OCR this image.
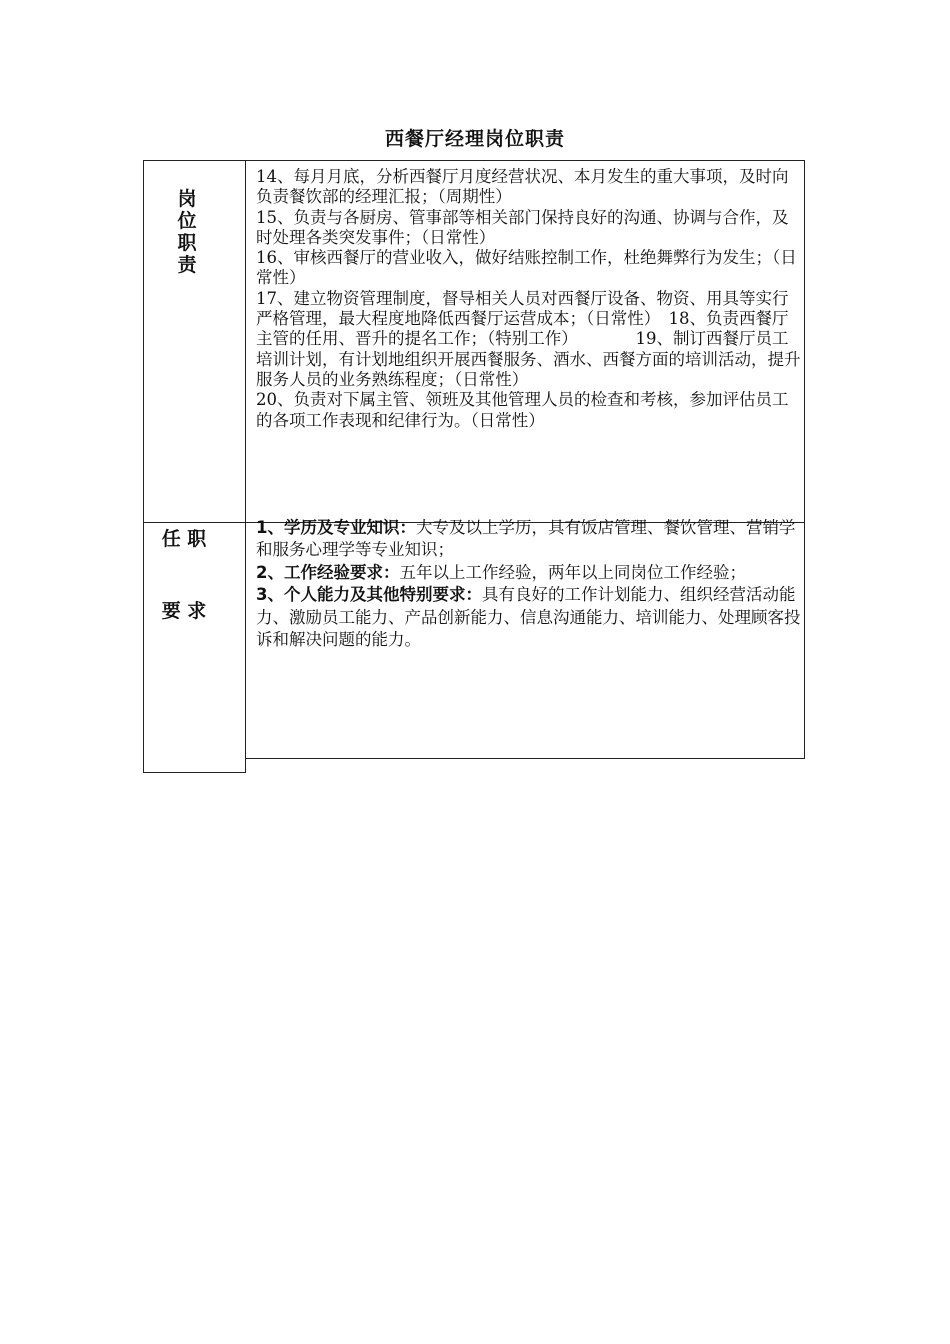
西餐厅经理岗位职责
岗
位
职
责

14、每月月底，分析西餐厅月度经营状况、本月发生的重大事项，及时向负责餐饮部的经理汇报；（周期性）

15、负责与各厨房、管事部等相关部门保持良好的沟通、协调与合作，及时处理各类突发事件；（日常性）

16、审核西餐厅的营业收入，做好结账控制工作，杜绝舞弊行为发生；（日常性）

17、建立物资管理制度，督导相关人员对西餐厅设备、物资、用具等实行严格管理，最大程度地降低西餐厅运营成本；（日常性）　18、负责西餐厅主管的任用、晋升的提名工作；（特别工作）　　　　19、制订西餐厅员工培训计划，有计划地组织开展西餐服务、酒水、西餐方面的培训活动，提升服务人员的业务熟练程度；（日常性）

20、负责对下属主管、领班及其他管理人员的检查和考核，参加评估员工的各项工作表现和纪律行为。（日常性）

任 职
要 求

1、学历及专业知识：大专及以上学历，具有饭店管理、餐饮管理、营销学和服务心理学等专业知识；

2、工作经验要求：五年以上工作经验，两年以上同岗位工作经验；

3、个人能力及其他特别要求：具有良好的工作计划能力、组织经营活动能力、激励员工能力、产品创新能力、信息沟通能力、培训能力、处理顾客投诉和解决问题的能力。
